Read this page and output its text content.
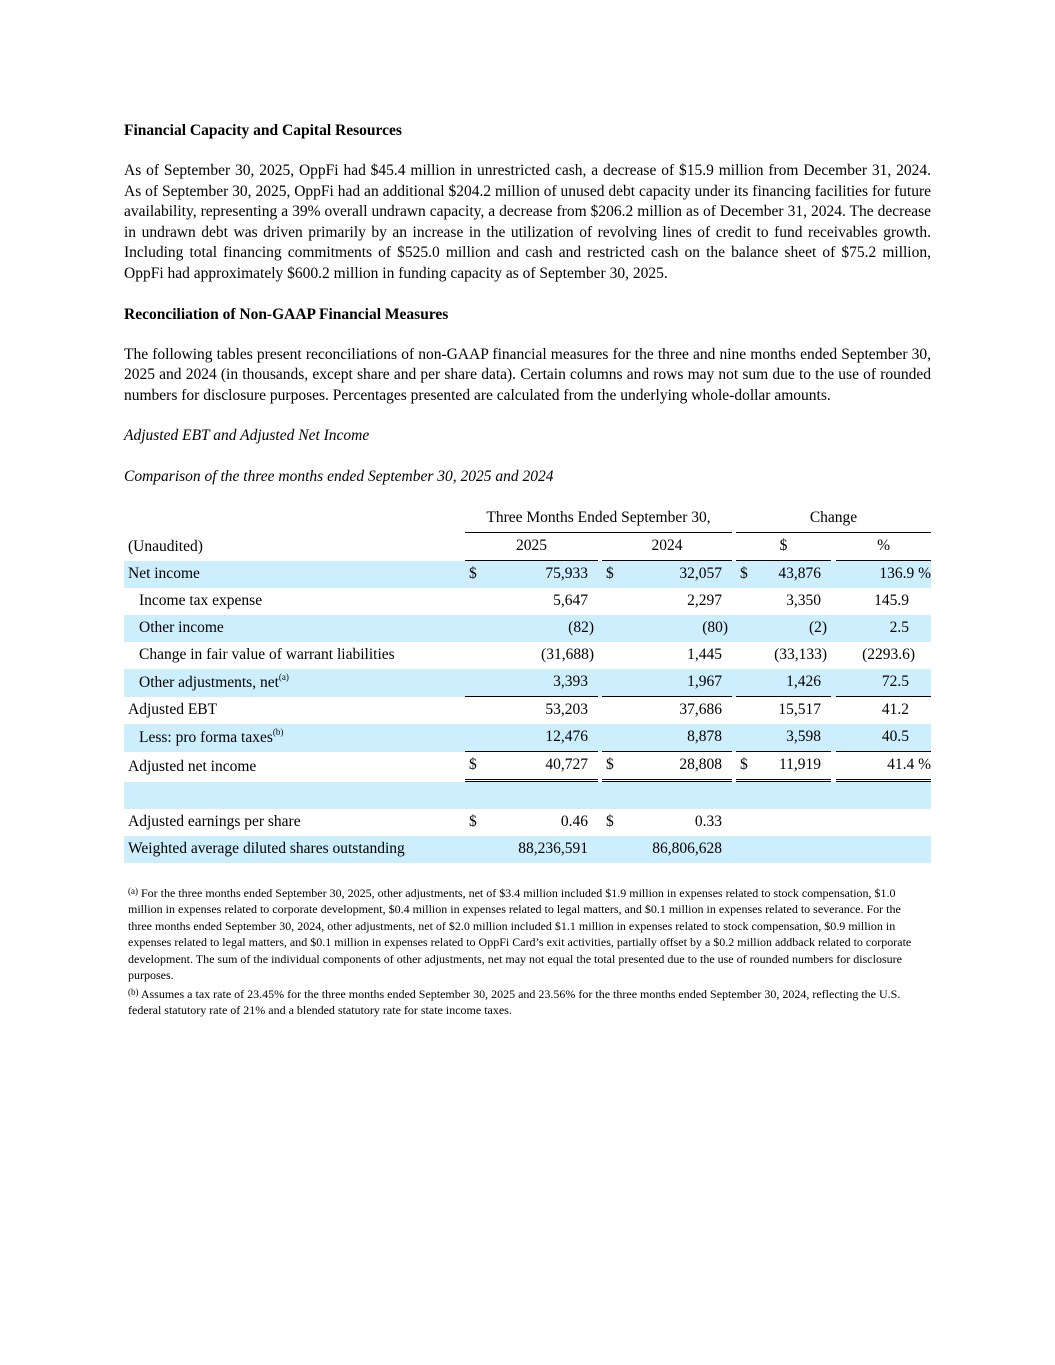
Financial Capacity and Capital Resources

As of September 30, 2025, OppFi had $45.4 million in unrestricted cash, a decrease of $15.9 million from December 31, 2024. As of September 30, 2025, OppFi had an additional $204.2 million of unused debt capacity under its financing facilities for future availability, representing a 39% overall undrawn capacity, a decrease from $206.2 million as of December 31, 2024. The decrease in undrawn debt was driven primarily by an increase in the utilization of revolving lines of credit to fund receivables growth. Including total financing commitments of $525.0 million and cash and restricted cash on the balance sheet of $75.2 million, OppFi had approximately $600.2 million in funding capacity as of September 30, 2025.

Reconciliation of Non-GAAP Financial Measures

The following tables present reconciliations of non-GAAP financial measures for the three and nine months ended September 30, 2025 and 2024 (in thousands, except share and per share data). Certain columns and rows may not sum due to the use of rounded numbers for disclosure purposes. Percentages presented are calculated from the underlying whole-dollar amounts.

Adjusted EBT and Adjusted Net Income

Comparison of the three months ended September 30, 2025 and 2024

		Three Months Ended September 30,				Change		
(Unaudited)		2025		2024		$		%
Net income		$ 75,933		$ 32,057		$ 43,876		136.9 %
Income tax expense		5,647		2,297		3,350		145.9
Other income		(82)		(80)		(2)		2.5
Change in fair value of warrant liabilities		(31,688)		1,445		(33,133)		(2293.6)
Other adjustments, net$^{(a)}$		3,393		1,967		1,426		72.5
Adjusted EBT		53,203		37,686		15,517		41.2
Less: pro forma taxes$^{(b)}$		12,476		8,878		3,598		40.5
Adjusted net income		$ 40,727		$ 28,808		$ 11,919		41.4 %

Adjusted earnings per share		$ 0.46		$ 0.33				
Weighted average diluted shares outstanding		88,236,591		86,806,628				
$^{(a)}$ For the three months ended September 30, 2025, other adjustments, net of $3.4 million included $1.9 million in expenses related to stock compensation, $1.0 million in expenses related to corporate development, $0.4 million in expenses related to legal matters, and $0.1 million in expenses related to severance. For the three months ended September 30, 2024, other adjustments, net of $2.0 million included $1.1 million in expenses related to stock compensation, $0.9 million in expenses related to legal matters, and $0.1 million in expenses related to OppFi Card’s exit activities, partially offset by a $0.2 million addback related to corporate development. The sum of the individual components of other adjustments, net may not equal the total presented due to the use of rounded numbers for disclosure purposes.
$^{(b)}$ Assumes a tax rate of 23.45% for the three months ended September 30, 2025 and 23.56% for the three months ended September 30, 2024, reflecting the U.S. federal statutory rate of 21% and a blended statutory rate for state income taxes.
